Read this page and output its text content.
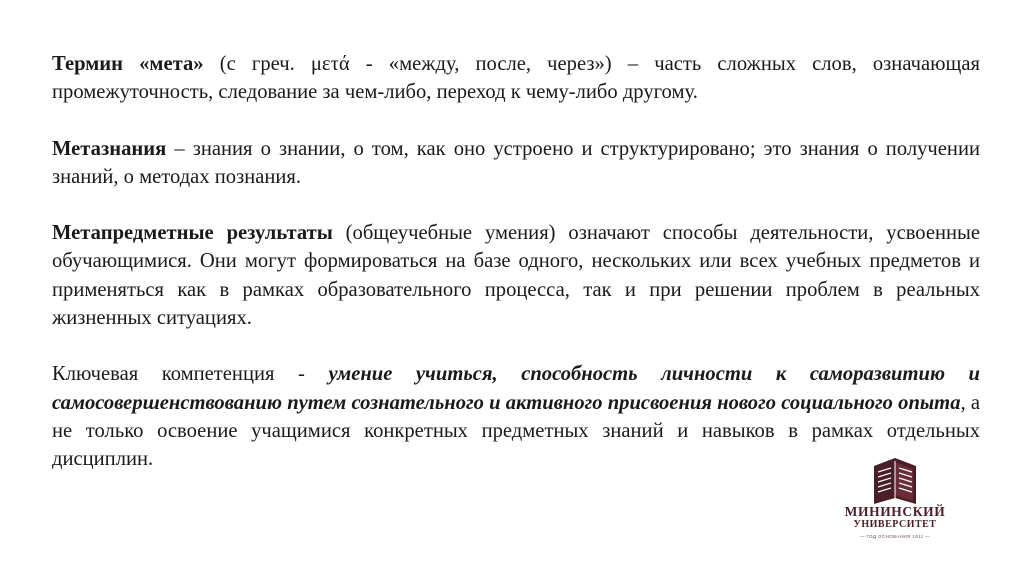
Термин «мета» (с греч. μετά - «между, после, через») – часть сложных слов, означающая промежуточность, следование за чем-либо, переход к чему-либо другому.

Метазнания – знания о знании, о том, как оно устроено и структурировано; это знания о получении знаний, о методах познания.

Метапредметные результаты (общеучебные умения) означают способы деятельности, усвоенные обучающимися. Они могут формироваться на базе одного, нескольких или всех учебных предметов и применяться как в рамках образовательного процесса, так и при решении проблем в реальных жизненных ситуациях.

Ключевая компетенция - умение учиться, способность личности к саморазвитию и самосовершенствованию путем сознательного и активного присвоения нового социального опыта, а не только освоение учащимися конкретных предметных знаний и навыков в рамках отдельных дисциплин.

МИНИНСКИЙ
УНИВЕРСИТЕТ
— ГОД ОСНОВАНИЯ 1911 —
